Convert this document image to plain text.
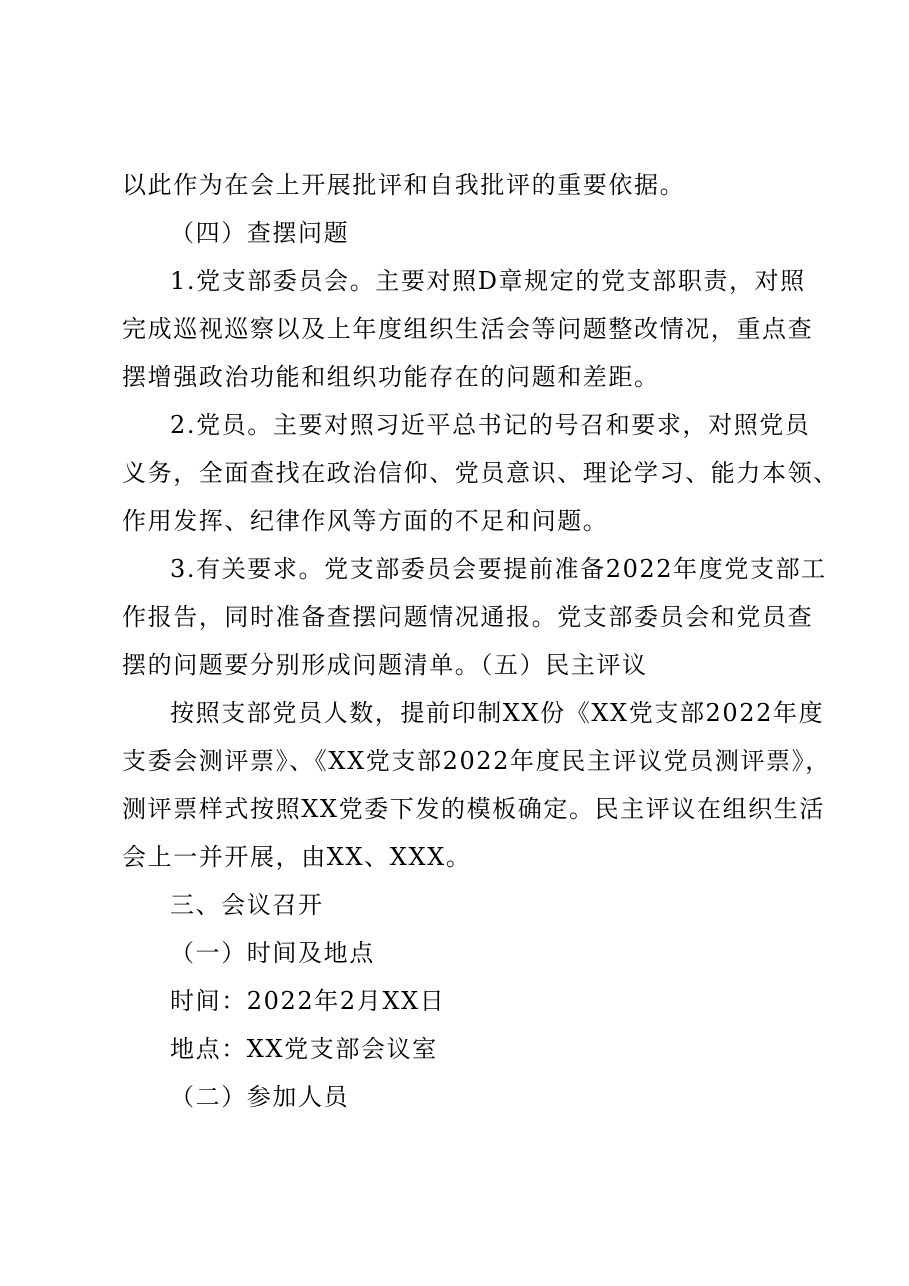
以此作为在会上开展批评和自我批评的重要依据。
（四）查摆问题
1.党支部委员会。主要对照D章规定的党支部职责，对照
完成巡视巡察以及上年度组织生活会等问题整改情况，重点查
摆增强政治功能和组织功能存在的问题和差距。
2.党员。主要对照习近平总书记的号召和要求，对照党员
义务，全面查找在政治信仰、党员意识、理论学习、能力本领、
作用发挥、纪律作风等方面的不足和问题。
3.有关要求。党支部委员会要提前准备2022年度党支部工
作报告，同时准备查摆问题情况通报。党支部委员会和党员查
摆的问题要分别形成问题清单。（五）民主评议
按照支部党员人数，提前印制XX份《XX党支部2022年度
支委会测评票》、《XX党支部2022年度民主评议党员测评票》，
测评票样式按照XX党委下发的模板确定。民主评议在组织生活
会上一并开展，由XX、XXX。
三、会议召开
（一）时间及地点
时间：2022年2月XX日
地点：XX党支部会议室
（二）参加人员
